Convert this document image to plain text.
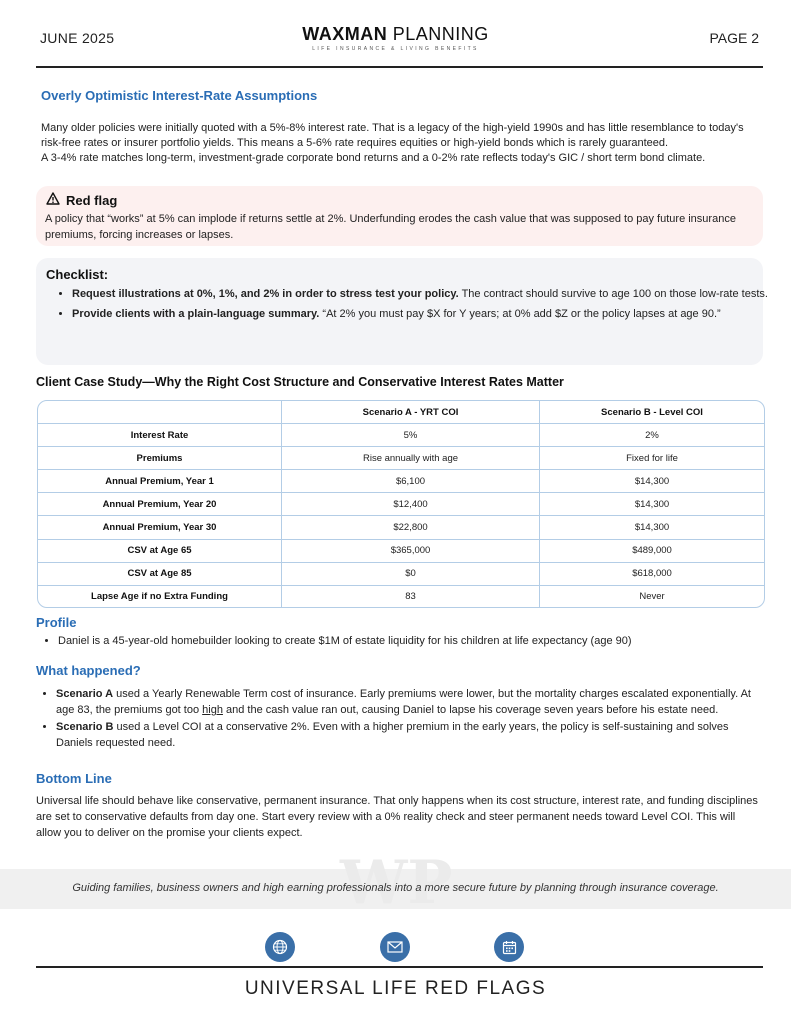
JUNE 2025	WAXMAN PLANNING
LIFE INSURANCE & LIVING BENEFITS
PAGE 2
Overly Optimistic Interest-Rate Assumptions

Many older policies were initially quoted with a 5%-8% interest rate. That is a legacy of the high-yield 1990s and has little resemblance to today's risk-free rates or insurer portfolio yields. This means a 5-6% rate requires equities or high-yield bonds which is rarely guaranteed.

A 3-4% rate matches long-term, investment-grade corporate bond returns and a 0-2% rate reflects today's GIC / short term bond climate.

Red flag
A policy that “works” at 5% can implode if returns settle at 2%. Underfunding erodes the cash value that was supposed to pay future insurance premiums, forcing increases or lapses.
Checklist:
• Request illustrations at 0%, 1%, and 2% in order to stress test your policy. The contract should survive to age 100 on those low-rate tests.
• Provide clients with a plain-language summary. “At 2% you must pay $X for Y years; at 0% add $Z or the policy lapses at age 90.”
Client Case Study—Why the Right Cost Structure and Conservative Interest Rates Matter
	Scenario A - YRT COI	Scenario B - Level COI
Interest Rate	5%	2%
Premiums	Rise annually with age	Fixed for life
Annual Premium, Year 1	$6,100	$14,300
Annual Premium, Year 20	$12,400	$14,300
Annual Premium, Year 30	$22,800	$14,300
CSV at Age 65	$365,000	$489,000
CSV at Age 85	$0	$618,000
Lapse Age if no Extra Funding	83	Never
Profile
• Daniel is a 45-year-old homebuilder looking to create $1M of estate liquidity for his children at life expectancy (age 90)
What happened?
• Scenario A used a Yearly Renewable Term cost of insurance. Early premiums were lower, but the mortality charges escalated exponentially. At age 83, the premiums got too high and the cash value ran out, causing Daniel to lapse his coverage seven years before his estate need.
• Scenario B used a Level COI at a conservative 2%. Even with a higher premium in the early years, the policy is self-sustaining and solves Daniels requested need.
Bottom Line
Universal life should behave like conservative, permanent insurance. That only happens when its cost structure, interest rate, and funding disciplines are set to conservative defaults from day one. Start every review with a 0% reality check and steer permanent needs toward Level COI. This will allow you to deliver on the promise your clients expect.
WP
Guiding families, business owners and high earning professionals into a more secure future by planning through insurance coverage.
UNIVERSAL LIFE RED FLAGS
